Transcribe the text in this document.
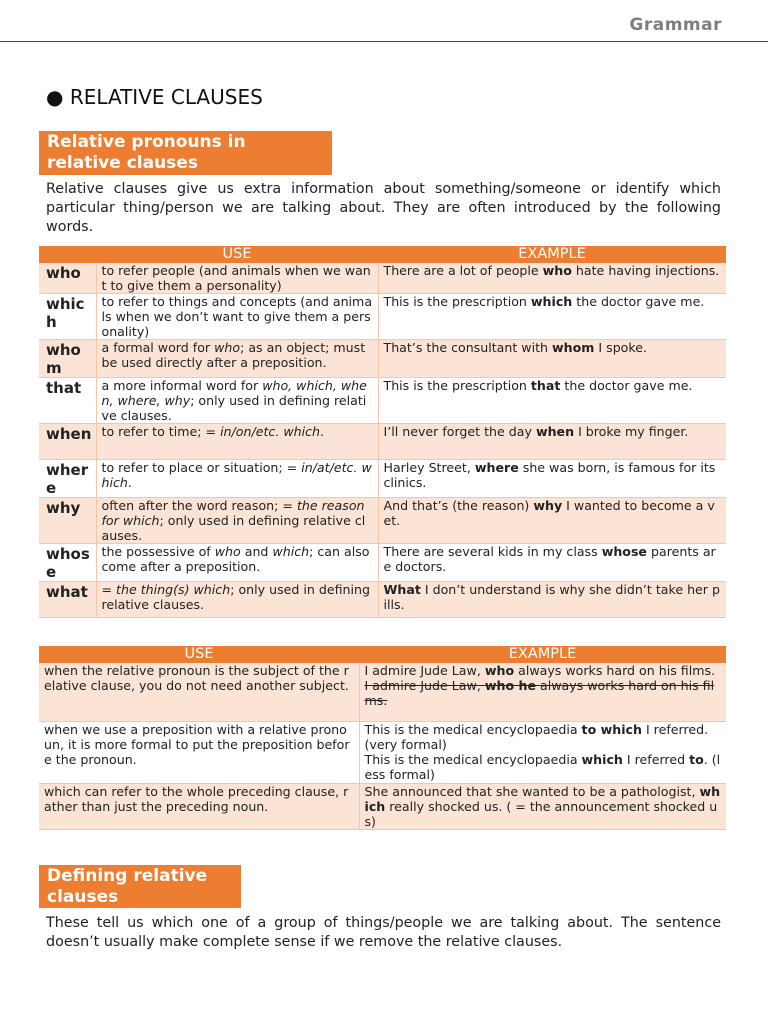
Grammar
● RELATIVE CLAUSES
Relative pronouns in relative clauses
Relative clauses give us extra information about something/someone or identify which particular thing/person we are talking about. They are often introduced by the following words.
	USE	EXAMPLE
who	to refer people (and animals when we want to give them a personality)	There are a lot of people who hate having injections.
which	to refer to things and concepts (and animals when we don’t want to give them a personality)	This is the prescription which the doctor gave me.
whom	a formal word for who; as an object; must be used directly after a preposition.	That’s the consultant with whom I spoke.
that	a more informal word for who, which, when, where, why; only used in defining relative clauses.	This is the prescription that the doctor gave me.
when	to refer to time; = in/on/etc. which.	I’ll never forget the day when I broke my finger.
where	to refer to place or situation; = in/at/etc. which.	Harley Street, where she was born, is famous for its clinics.
why	often after the word reason; = the reason for which; only used in defining relative clauses.	And that’s (the reason) why I wanted to become a vet.
whose	the possessive of who and which; can also come after a preposition.	There are several kids in my class whose parents are doctors.
what	= the thing(s) which; only used in defining relative clauses.	What I don’t understand is why she didn’t take her pills.
USE	EXAMPLE
when the relative pronoun is the subject of the relative clause, you do not need another subject.	I admire Jude Law, who always works hard on his films.
I admire Jude Law, who he always works hard on his films.
when we use a preposition with a relative pronoun, it is more formal to put the preposition before the pronoun.	This is the medical encyclopaedia to which I referred. (very formal)
This is the medical encyclopaedia which I referred to. (less formal)
which can refer to the whole preceding clause, rather than just the preceding noun.	She announced that she wanted to be a pathologist, which really shocked us. ( = the announcement shocked us)
Defining relative clauses
These tell us which one of a group of things/people we are talking about. The sentence doesn’t usually make complete sense if we remove the relative clauses.
